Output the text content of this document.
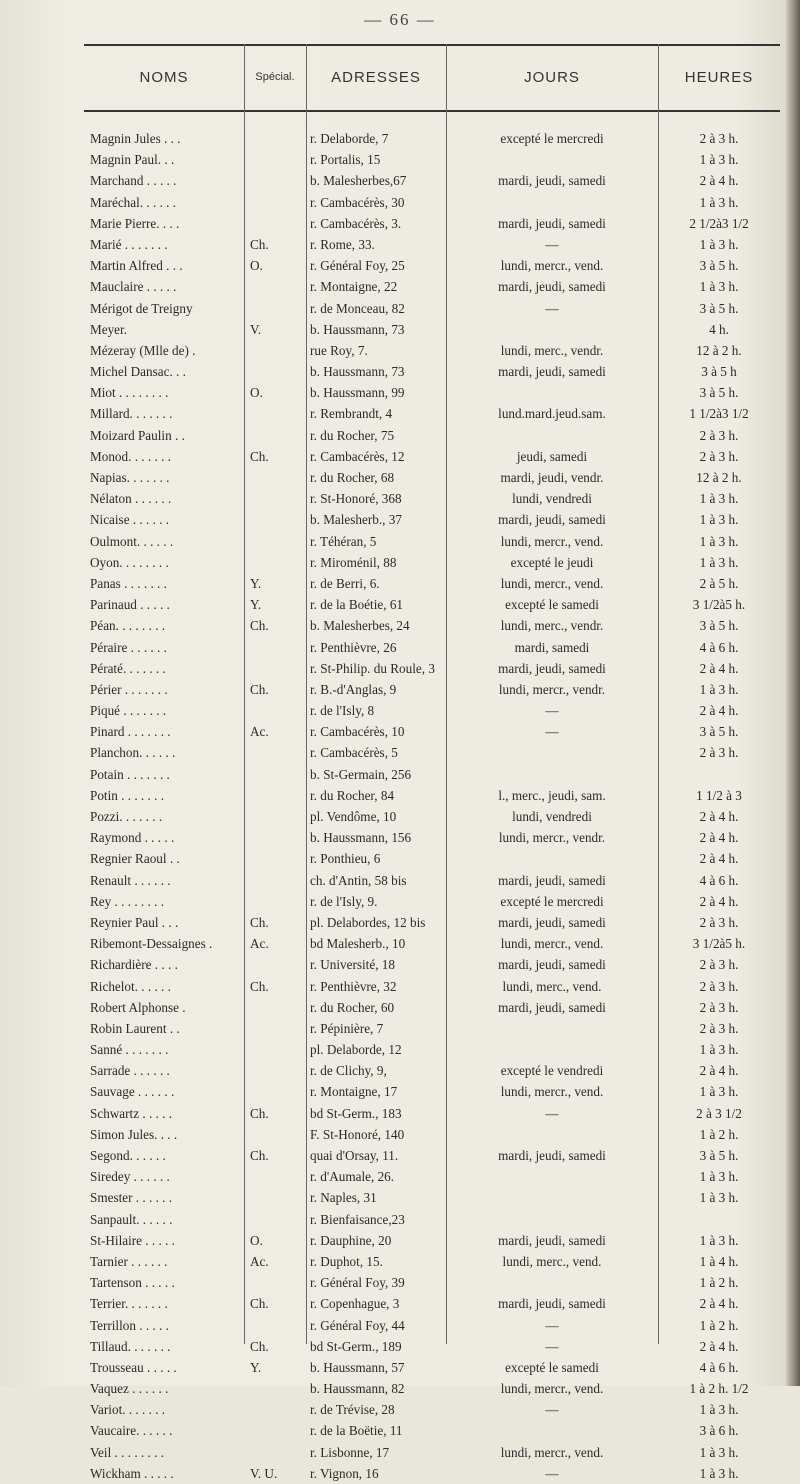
— 66 —
NOMS	Spécial.	ADRESSES	JOURS	HEURES
Magnin Jules . . .	r. Delaborde, 7	excepté le mercredi	2 à 3 h.
Magnin Paul. . .	r. Portalis, 15	1 à 3 h.
Marchand . . . . .	b. Malesherbes,67	mardi, jeudi, samedi	2 à 4 h.
Maréchal. . . . . .	r. Cambacérès, 30	1 à 3 h.
Marie Pierre. . . .	r. Cambacérès, 3.	mardi, jeudi, samedi	2 1/2à3 1/2
Marié . . . . . . .	Ch.	r. Rome, 33.	—	1 à 3 h.
Martin Alfred . . .	O.	r. Général Foy, 25	lundi, mercr., vend.	3 à 5 h.
Mauclaire . . . . .	r. Montaigne, 22	mardi, jeudi, samedi	1 à 3 h.
Mérigot de Treigny	r. de Monceau, 82	—	3 à 5 h.
Meyer.	V.	b. Haussmann, 73	4 h.
Mézeray (Mlle de) .	rue Roy, 7.	lundi, merc., vendr.	12 à 2 h.
Michel Dansac. . .	b. Haussmann, 73	mardi, jeudi, samedi	3 à 5 h
Miot . . . . . . . .	O.	b. Haussmann, 99	3 à 5 h.
Millard. . . . . . .	r. Rembrandt, 4	lund.mard.jeud.sam.	1 1/2à3 1/2
Moizard Paulin . .	r. du Rocher, 75	2 à 3 h.
Monod. . . . . . .	Ch.	r. Cambacérès, 12	jeudi, samedi	2 à 3 h.
Napias. . . . . . .	r. du Rocher, 68	mardi, jeudi, vendr.	12 à 2 h.
Nélaton . . . . . .	r. St-Honoré, 368	lundi, vendredi	1 à 3 h.
Nicaise . . . . . .	b. Malesherb., 37	mardi, jeudi, samedi	1 à 3 h.
Oulmont. . . . . .	r. Téhéran, 5	lundi, mercr., vend.	1 à 3 h.
Oyon. . . . . . . .	r. Miroménil, 88	excepté le jeudi	1 à 3 h.
Panas . . . . . . .	Y.	r. de Berri, 6.	lundi, mercr., vend.	2 à 5 h.
Parinaud . . . . .	Y.	r. de la Boétie, 61	excepté le samedi	3 1/2à5 h.
Péan. . . . . . . .	Ch.	b. Malesherbes, 24	lundi, merc., vendr.	3 à 5 h.
Péraire . . . . . .	r. Penthièvre, 26	mardi, samedi	4 à 6 h.
Pératé. . . . . . .	r. St-Philip. du Roule, 3	mardi, jeudi, samedi	2 à 4 h.
Périer . . . . . . .	Ch.	r. B.-d'Anglas, 9	lundi, mercr., vendr.	1 à 3 h.
Piqué . . . . . . .	r. de l'Isly, 8	—	2 à 4 h.
Pinard . . . . . . .	Ac.	r. Cambacérès, 10	—	3 à 5 h.
Planchon. . . . . .	r. Cambacérès, 5	2 à 3 h.
Potain . . . . . . .	b. St-Germain, 256
Potin . . . . . . .	r. du Rocher, 84	l., merc., jeudi, sam.	1 1/2 à 3
Pozzi. . . . . . .	pl. Vendôme, 10	lundi, vendredi	2 à 4 h.
Raymond . . . . .	b. Haussmann, 156	lundi, mercr., vendr.	2 à 4 h.
Regnier Raoul . .	r. Ponthieu, 6	2 à 4 h.
Renault . . . . . .	ch. d'Antin, 58 bis	mardi, jeudi, samedi	4 à 6 h.
Rey . . . . . . . .	r. de l'Isly, 9.	excepté le mercredi	2 à 4 h.
Reynier Paul . . .	Ch.	pl. Delabordes, 12 bis	mardi, jeudi, samedi	2 à 3 h.
Ribemont-Dessaignes .	Ac.	bd Malesherb., 10	lundi, mercr., vend.	3 1/2à5 h.
Richardière . . . .	r. Université, 18	mardi, jeudi, samedi	2 à 3 h.
Richelot. . . . . .	Ch.	r. Penthièvre, 32	lundi, merc., vend.	2 à 3 h.
Robert Alphonse .	r. du Rocher, 60	mardi, jeudi, samedi	2 à 3 h.
Robin Laurent . .	r. Pépinière, 7	2 à 3 h.
Sanné . . . . . . .	pl. Delaborde, 12	1 à 3 h.
Sarrade . . . . . .	r. de Clichy, 9,	excepté le vendredi	2 à 4 h.
Sauvage . . . . . .	r. Montaigne, 17	lundi, mercr., vend.	1 à 3 h.
Schwartz . . . . .	Ch.	bd St-Germ., 183	—	2 à 3 1/2
Simon Jules. . . .	F. St-Honoré, 140	1 à 2 h.
Segond. . . . . .	Ch.	quai d'Orsay, 11.	mardi, jeudi, samedi	3 à 5 h.
Siredey . . . . . .	r. d'Aumale, 26.	1 à 3 h.
Smester . . . . . .	r. Naples, 31	1 à 3 h.
Sanpault. . . . . .	r. Bienfaisance,23
St-Hilaire . . . . .	O.	r. Dauphine, 20	mardi, jeudi, samedi	1 à 3 h.
Tarnier . . . . . .	Ac.	r. Duphot, 15.	lundi, merc., vend.	1 à 4 h.
Tartenson . . . . .	r. Général Foy, 39	1 à 2 h.
Terrier. . . . . . .	Ch.	r. Copenhague, 3	mardi, jeudi, samedi	2 à 4 h.
Terrillon . . . . .	r. Général Foy, 44	—	1 à 2 h.
Tillaud. . . . . . .	Ch.	bd St-Germ., 189	—	2 à 4 h.
Trousseau . . . . .	Y.	b. Haussmann, 57	excepté le samedi	4 à 6 h.
Vaquez . . . . . .	b. Haussmann, 82	lundi, mercr., vend.	1 à 2 h. 1/2
Variot. . . . . . .	r. de Trévise, 28	—	1 à 3 h.
Vaucaire. . . . . .	r. de la Boëtie, 11	3 à 6 h.
Veil . . . . . . . .	r. Lisbonne, 17	lundi, mercr., vend.	1 à 3 h.
Wickham . . . . .	V. U.	r. Vignon, 16	—	1 à 3 h.
